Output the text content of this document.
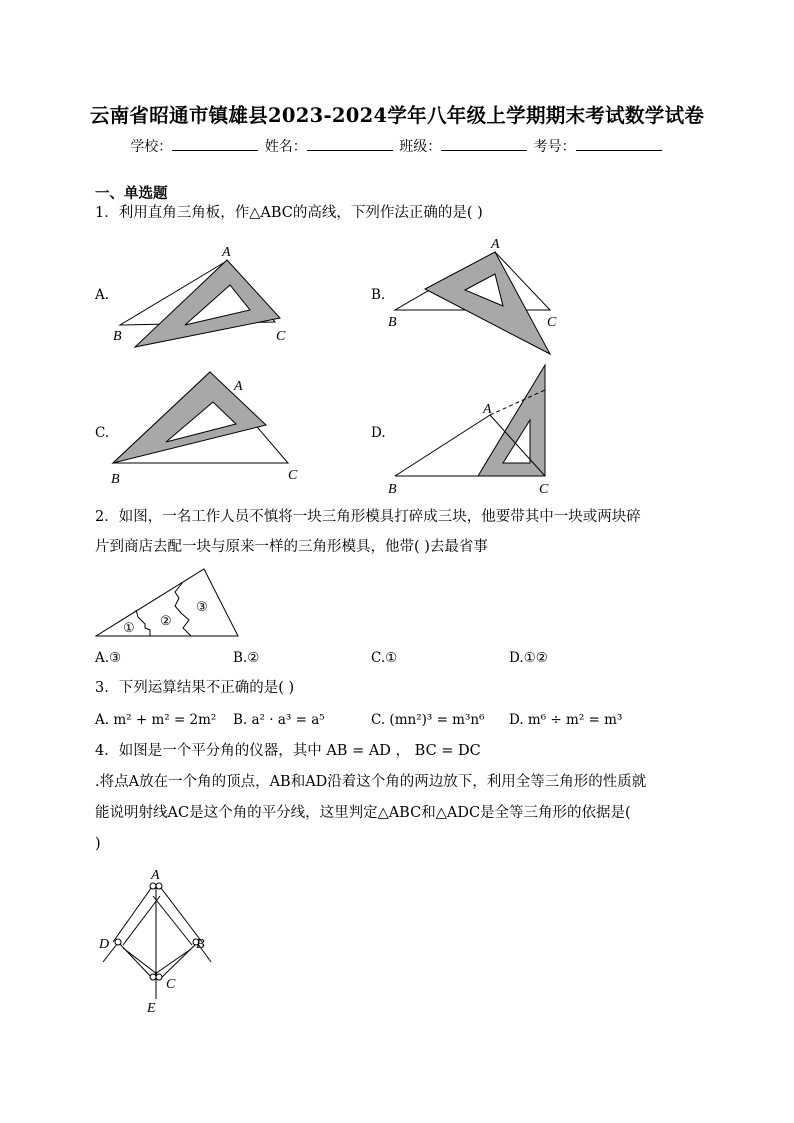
云南省昭通市镇雄县2023-2024学年八年级上学期期末考试数学试卷
学校：	姓名：	班级：	考号：
一、单选题
1．利用直角三角板，作△ABC的高线，下列作法正确的是( )
A.	B.
C.	D.
A
B	C
A
B	C
A
B	C
A
B	C
2．如图，一名工作人员不慎将一块三角形模具打碎成三块，他要带其中一块或两块碎
片到商店去配一块与原来一样的三角形模具，他带( )去最省事
① ②
③
A.③	B.②	C.①	D.①②
3．下列运算结果不正确的是( )
A. m² + m² = 2m² B. a² · a³ = a⁵	C. (mn²)³ = m³n⁶ D. m⁶ ÷ m² = m³
4．如图是一个平分角的仪器，其中 AB = AD ， BC = DC
.将点A放在一个角的顶点，AB和AD沿着这个角的两边放下，利用全等三角形的性质就
能说明射线AC是这个角的平分线，这里判定△ABC和△ADC是全等三角形的依据是(
)
A
D	B
C
E
